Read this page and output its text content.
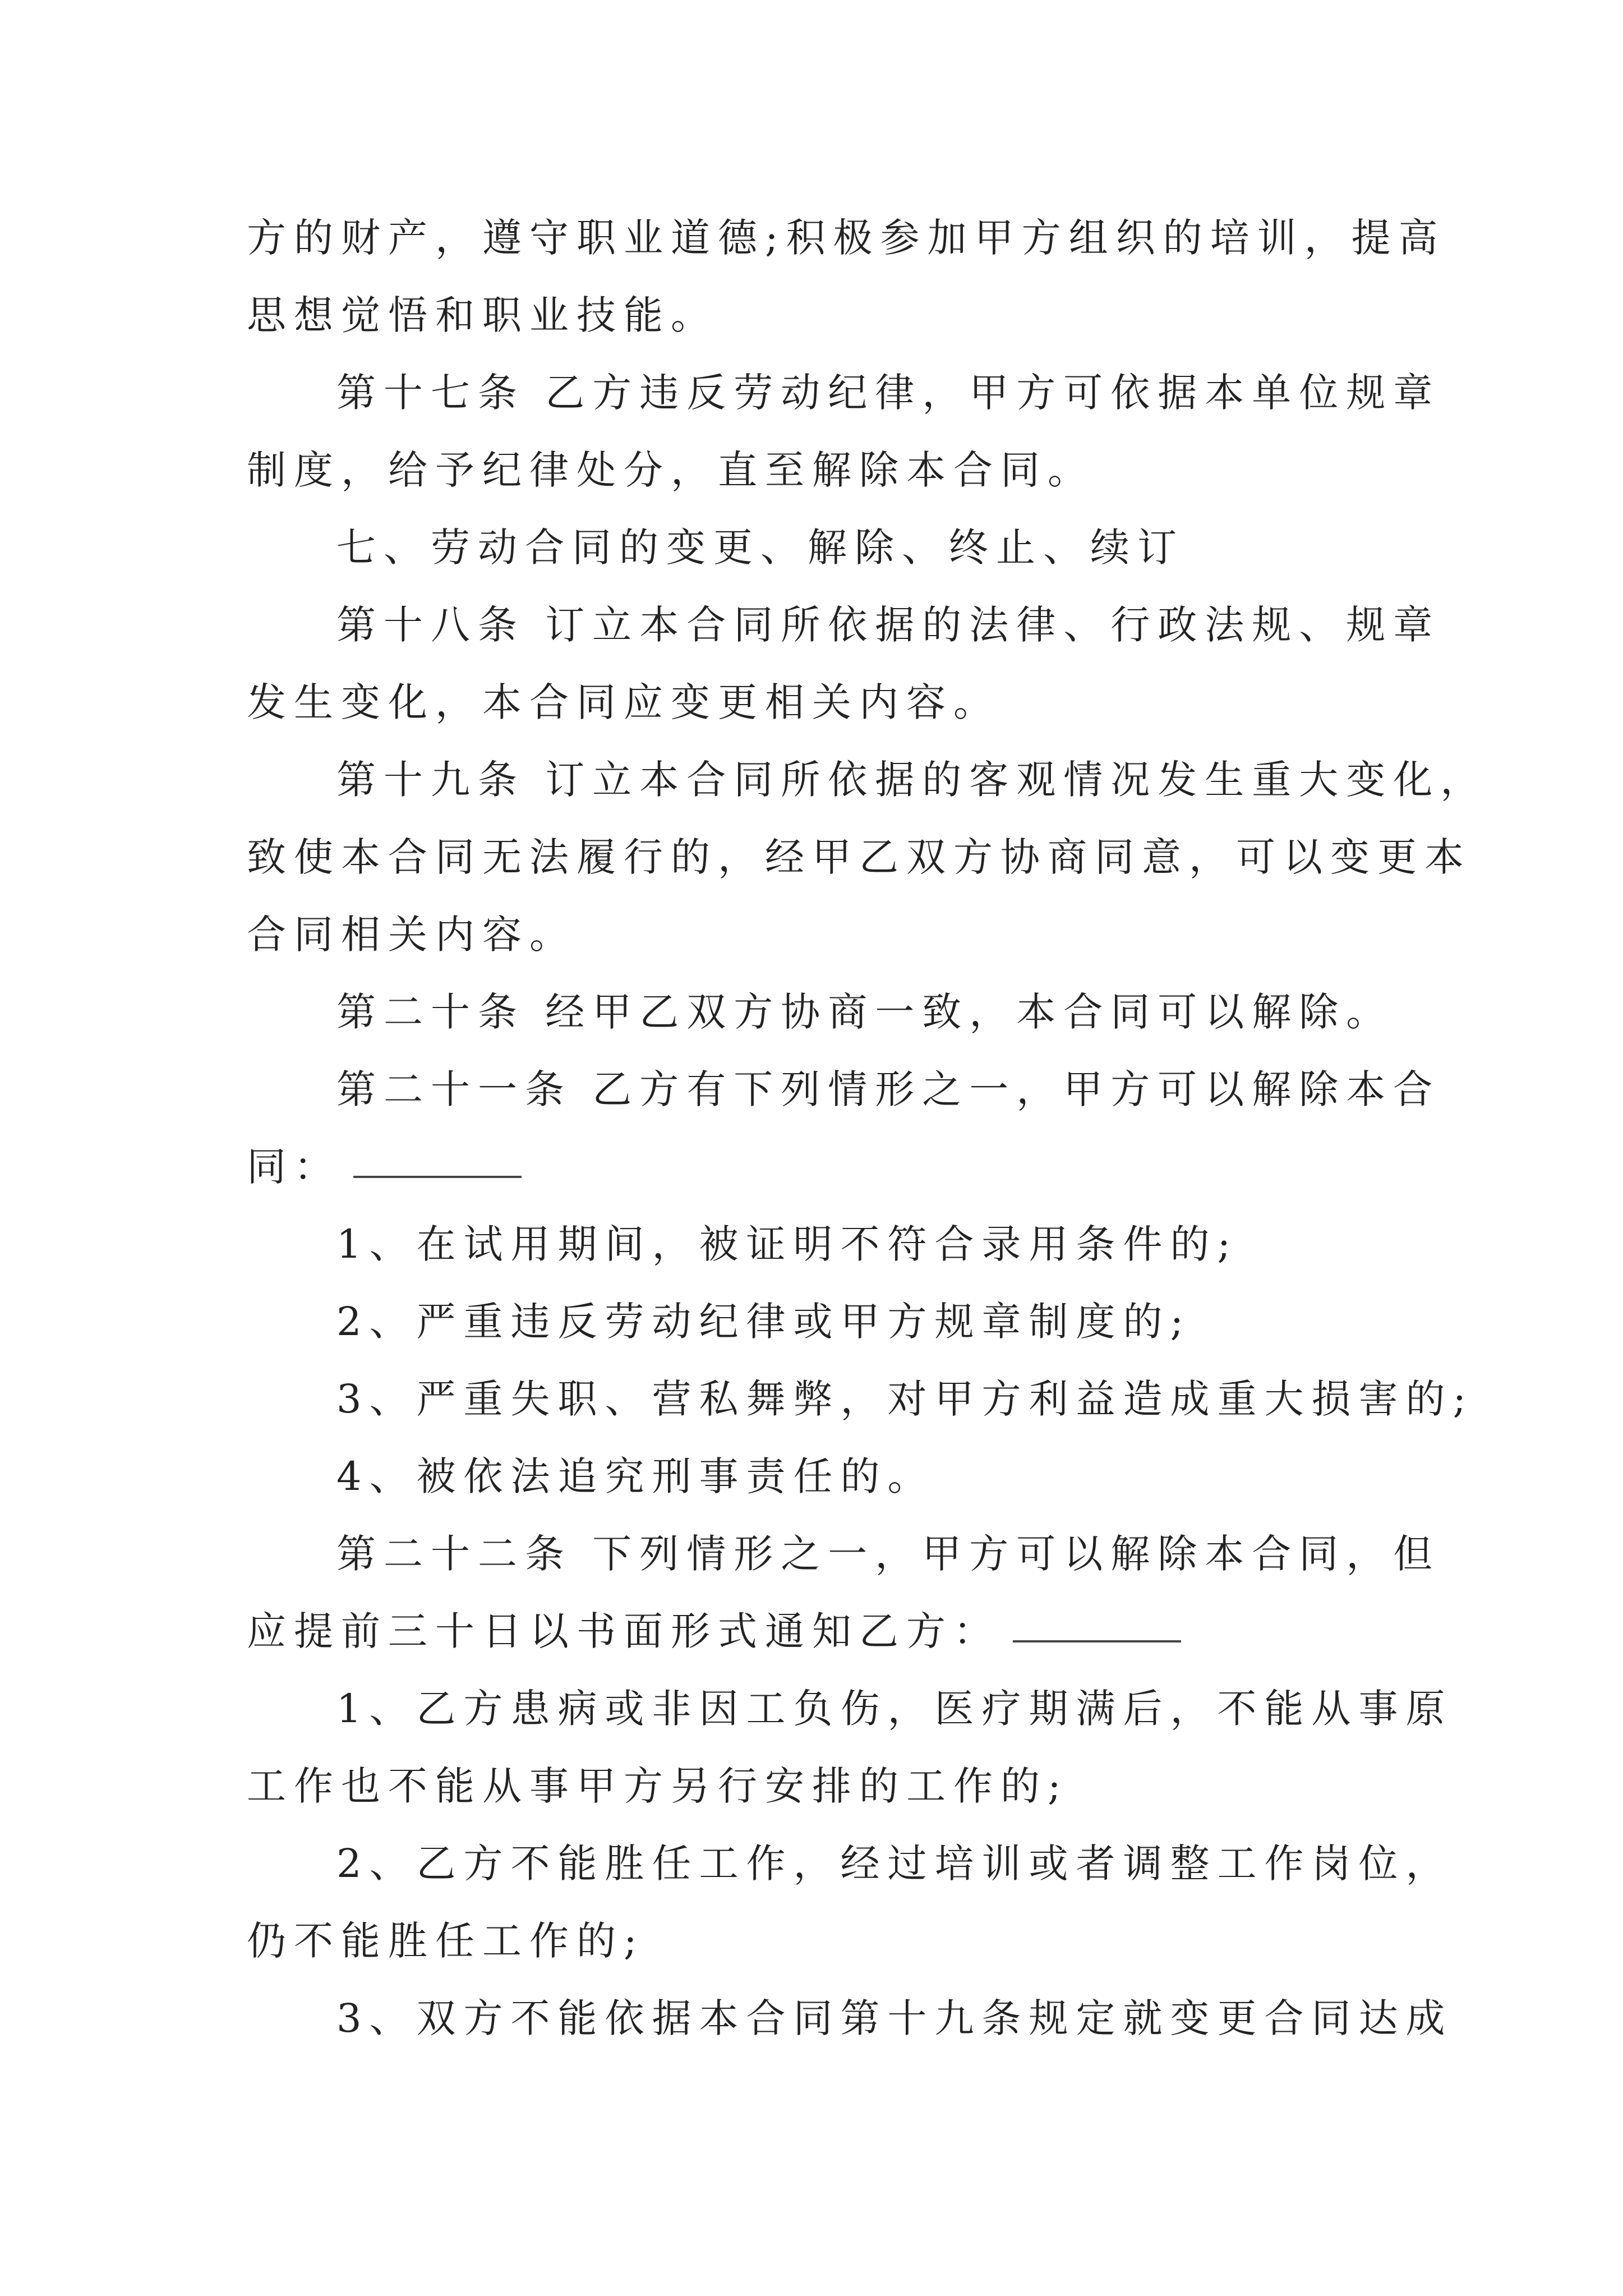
方的财产，遵守职业道德;积极参加甲方组织的培训，提高
思想觉悟和职业技能。
第十七条 乙方违反劳动纪律，甲方可依据本单位规章
制度，给予纪律处分，直至解除本合同。
七、劳动合同的变更、解除、终止、续订
第十八条 订立本合同所依据的法律、行政法规、规章
发生变化，本合同应变更相关内容。
第十九条 订立本合同所依据的客观情况发生重大变化，
致使本合同无法履行的，经甲乙双方协商同意，可以变更本
合同相关内容。
第二十条 经甲乙双方协商一致，本合同可以解除。
第二十一条 乙方有下列情形之一，甲方可以解除本合
同：
1、在试用期间，被证明不符合录用条件的;
2、严重违反劳动纪律或甲方规章制度的;
3、严重失职、营私舞弊，对甲方利益造成重大损害的;
4、被依法追究刑事责任的。
第二十二条 下列情形之一，甲方可以解除本合同，但
应提前三十日以书面形式通知乙方：
1、乙方患病或非因工负伤，医疗期满后，不能从事原
工作也不能从事甲方另行安排的工作的;
2、乙方不能胜任工作，经过培训或者调整工作岗位，
仍不能胜任工作的;
3、双方不能依据本合同第十九条规定就变更合同达成
